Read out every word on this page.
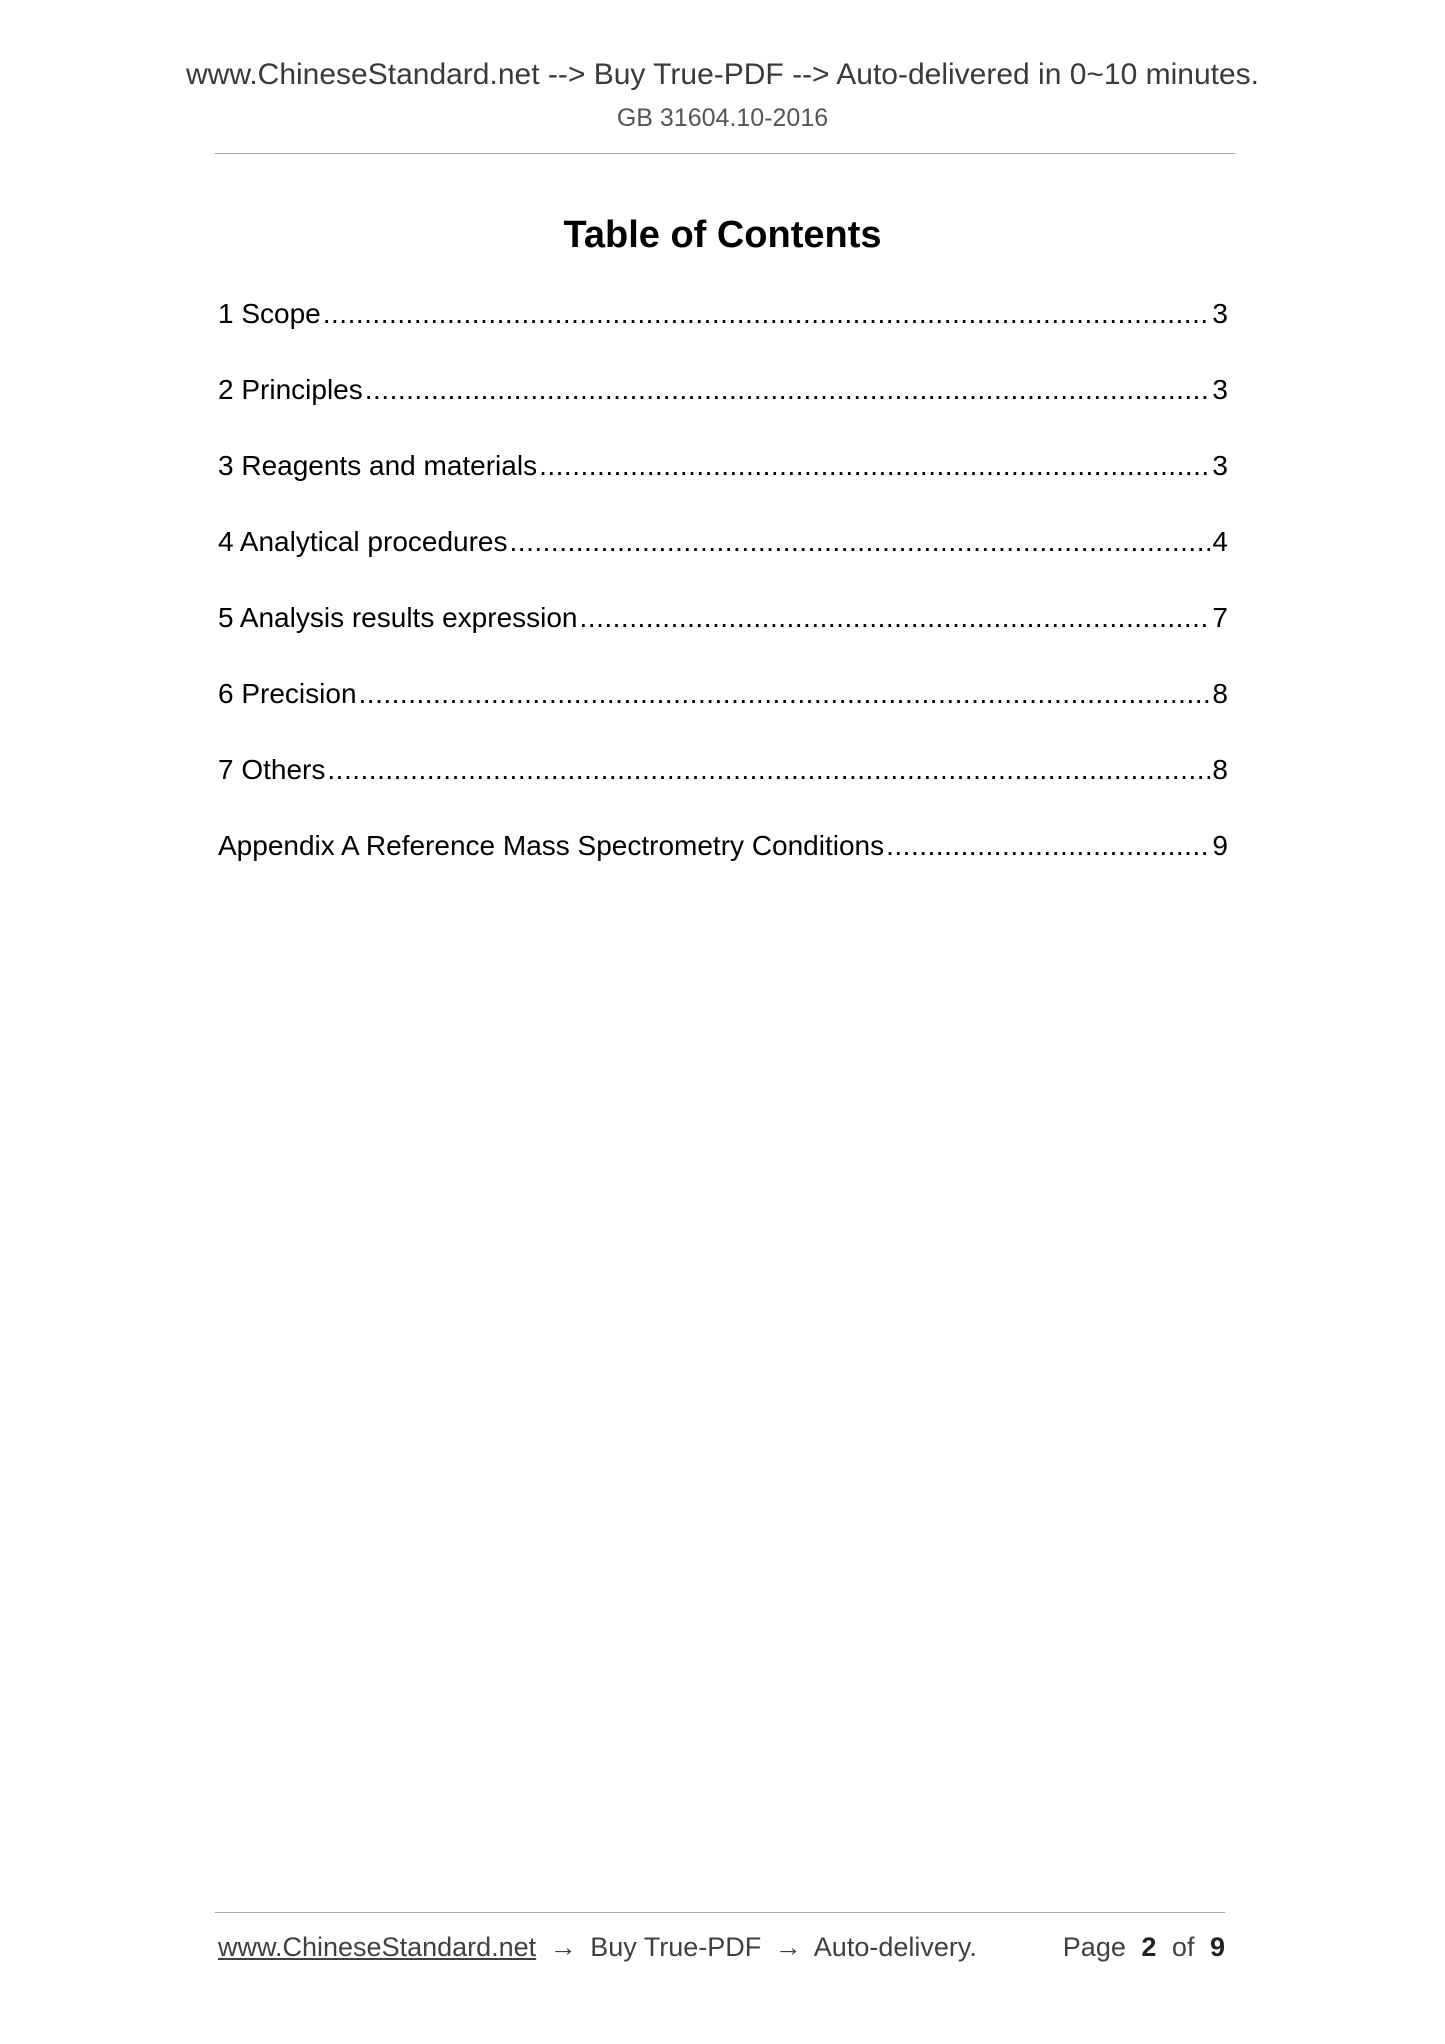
www.ChineseStandard.net --> Buy True-PDF --> Auto-delivered in 0~10 minutes.
GB 31604.10-2016
Table of Contents
1 Scope .....	3
2 Principles .....	3
3 Reagents and materials .....	3
4 Analytical procedures .....	4
5 Analysis results expression .....	7
6 Precision .....	8
7 Others .....	8
Appendix A Reference Mass Spectrometry Conditions .....	9
www.ChineseStandard.net → Buy True-PDF → Auto-delivery.	Page 2 of 9
